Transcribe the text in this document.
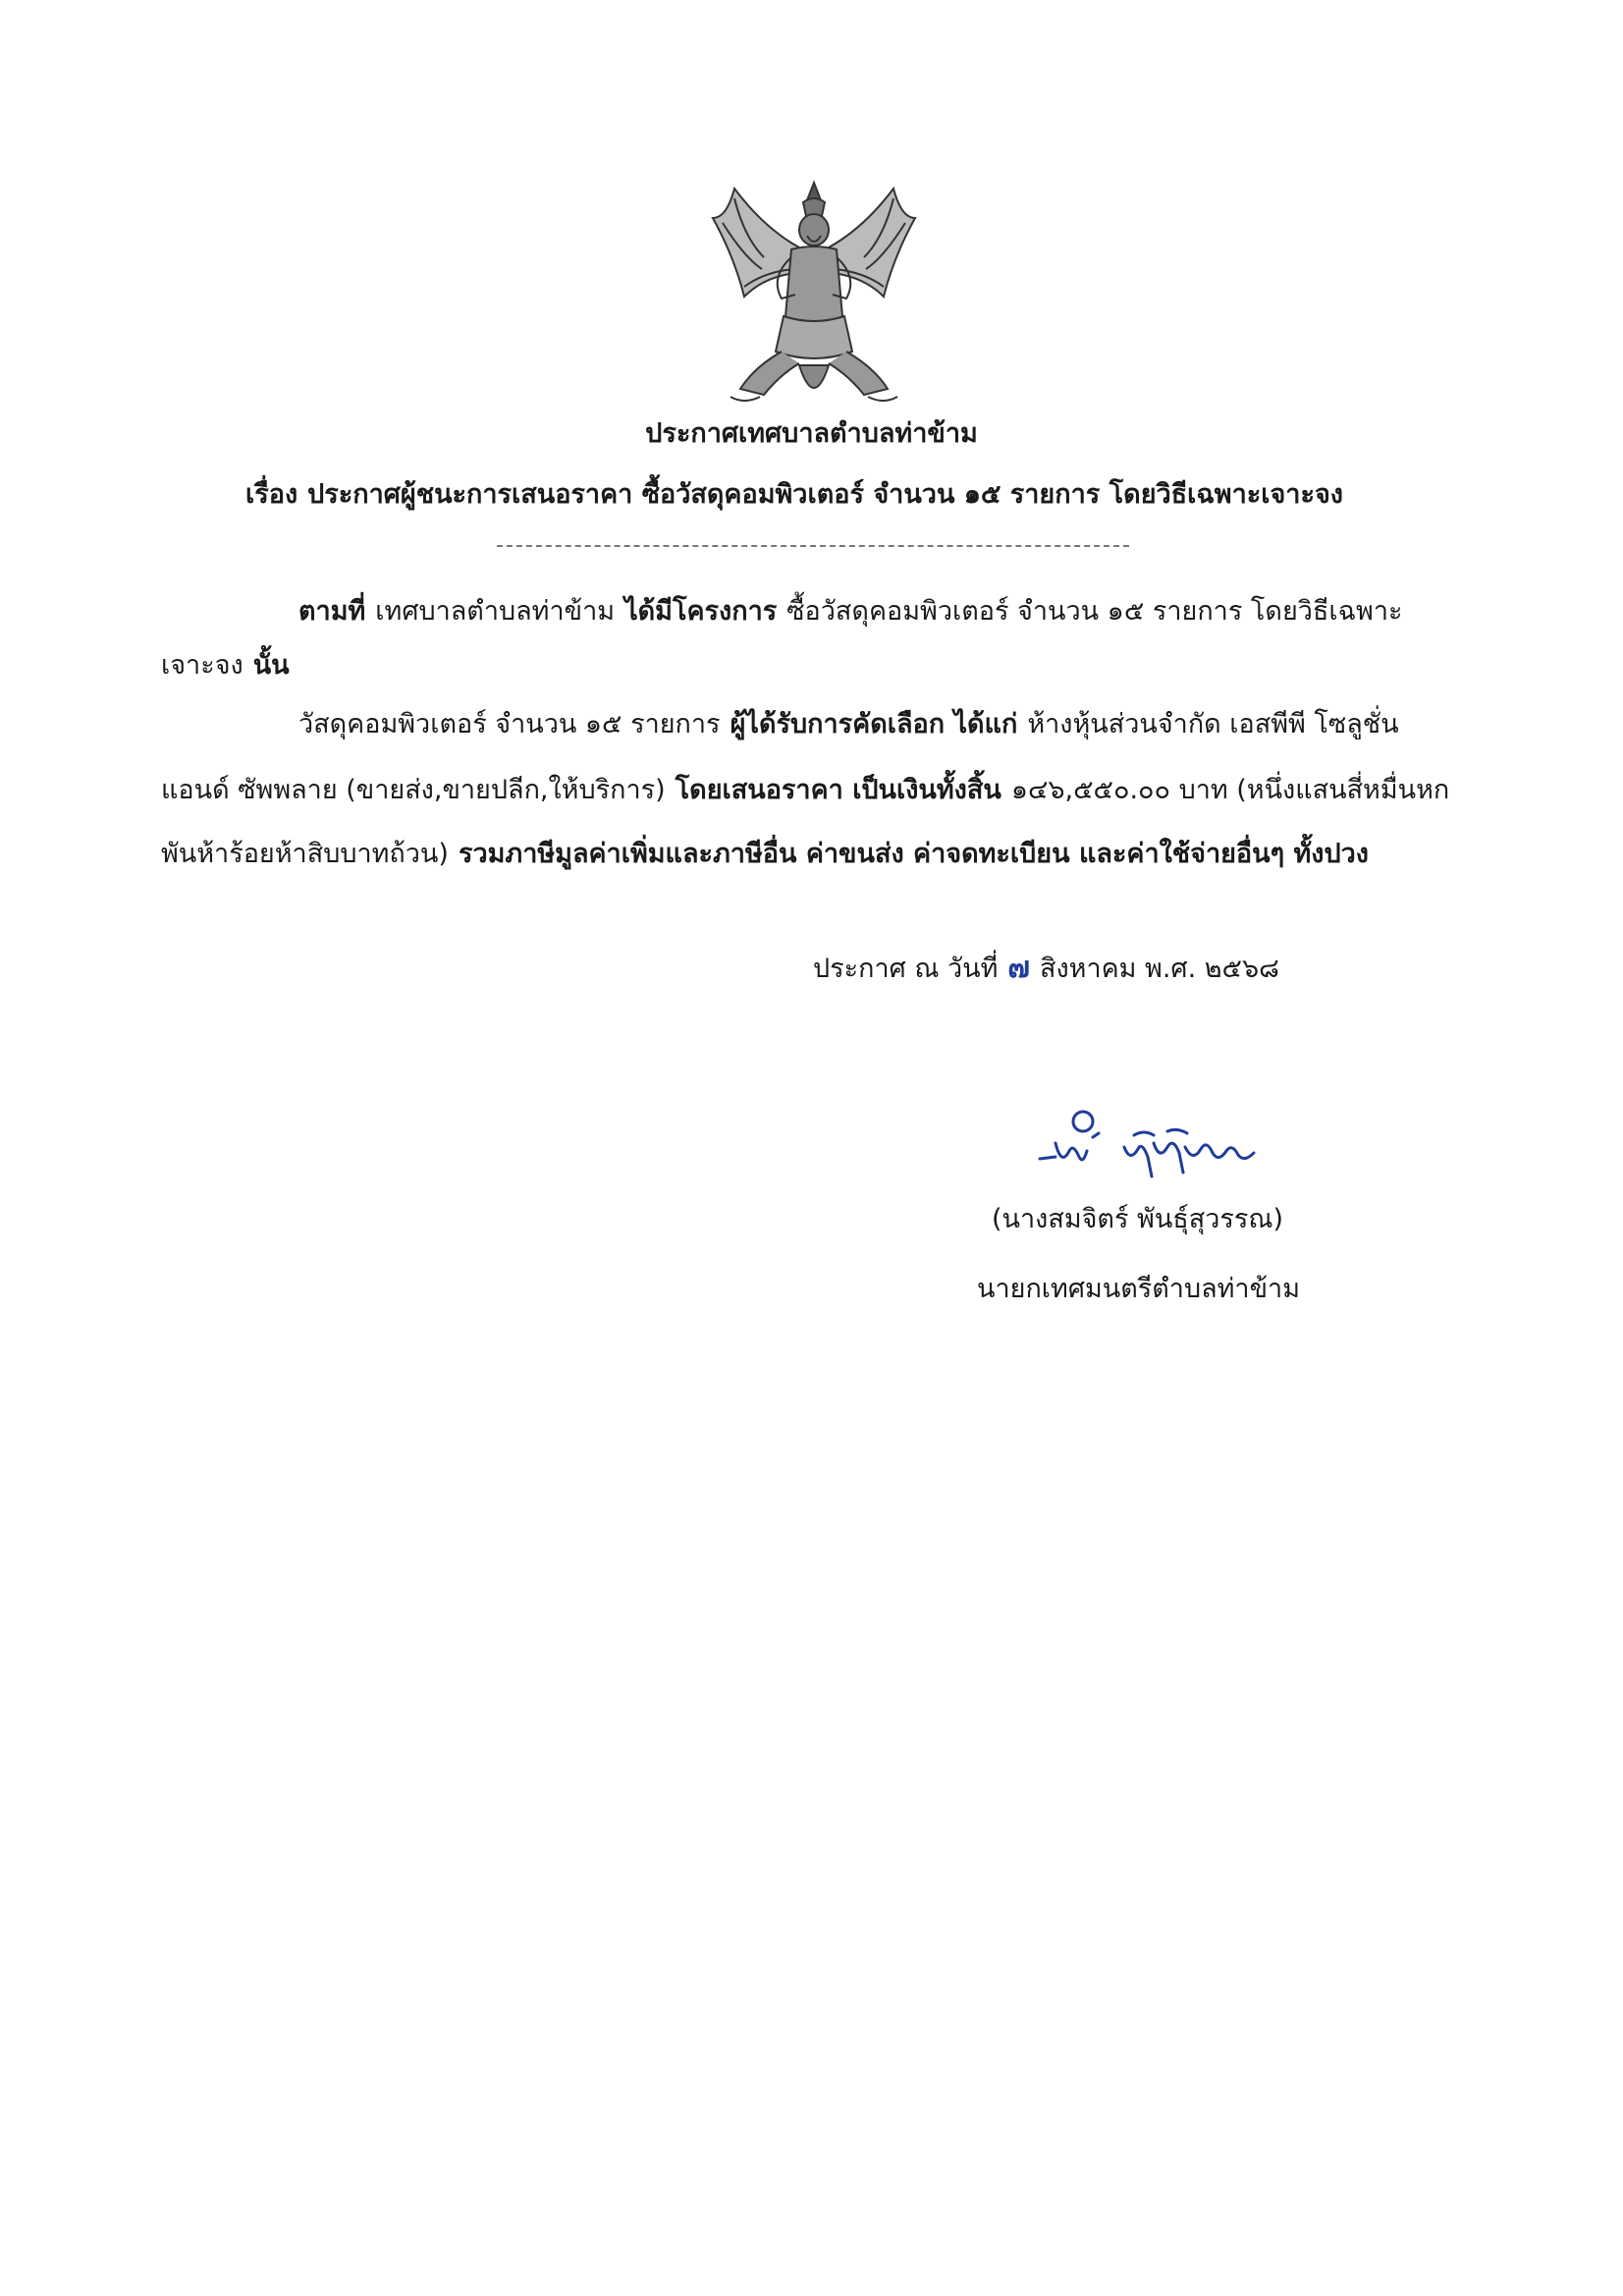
ประกาศเทศบาลตำบลท่าข้าม
เรื่อง ประกาศผู้ชนะการเสนอราคา ซื้อวัสดุคอมพิวเตอร์ จำนวน ๑๕ รายการ โดยวิธีเฉพาะเจาะจง
ตามที่ เทศบาลตำบลท่าข้าม ได้มีโครงการ ซื้อวัสดุคอมพิวเตอร์ จำนวน ๑๕ รายการ โดยวิธีเฉพาะ
เจาะจง นั้น
วัสดุคอมพิวเตอร์ จำนวน ๑๕ รายการ ผู้ได้รับการคัดเลือก ได้แก่ ห้างหุ้นส่วนจำกัด เอสพีพี โซลูชั่น
แอนด์ ซัพพลาย (ขายส่ง,ขายปลีก,ให้บริการ) โดยเสนอราคา เป็นเงินทั้งสิ้น ๑๔๖,๕๕๐.๐๐ บาท (หนึ่งแสนสี่หมื่นหก
พันห้าร้อยห้าสิบบาทถ้วน) รวมภาษีมูลค่าเพิ่มและภาษีอื่น ค่าขนส่ง ค่าจดทะเบียน และค่าใช้จ่ายอื่นๆ ทั้งปวง
ประกาศ ณ วันที่ ๗ สิงหาคม พ.ศ. ๒๕๖๘
(นางสมจิตร์ พันธุ์สุวรรณ)
นายกเทศมนตรีตำบลท่าข้าม
